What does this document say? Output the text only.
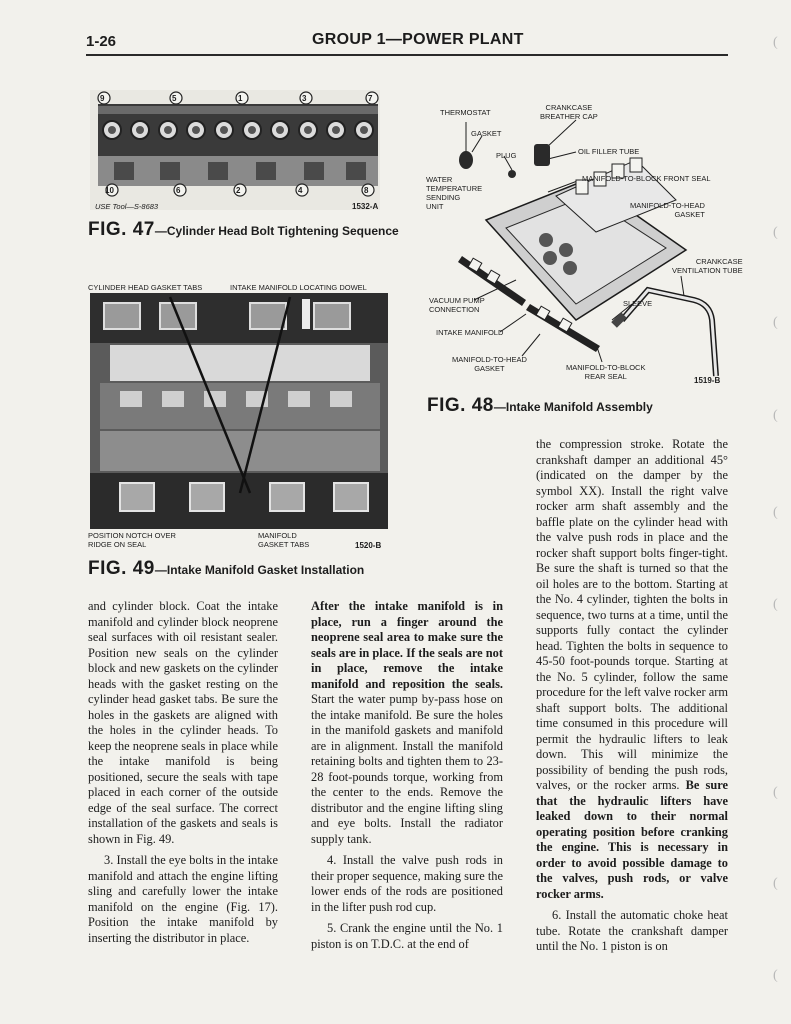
1-26	GROUP 1—POWER PLANT
9	5	1	3	7
10	6	2	4	8
USE Tool—S-8683	1532-A
FIG. 47—Cylinder Head Bolt Tightening Sequence
CYLINDER HEAD GASKET TABS	INTAKE MANIFOLD LOCATING DOWEL
POSITION NOTCH OVER
RIDGE ON SEAL
MANIFOLD
GASKET TABS	1520-B
FIG. 49—Intake Manifold Gasket Installation
THERMOSTAT
CRANKCASE
BREATHER CAP
GASKET
PLUG	OIL FILLER TUBE
WATER
TEMPERATURE
SENDING
UNIT
MANIFOLD-TO-BLOCK FRONT SEAL
MANIFOLD-TO-HEAD
GASKET
CRANKCASE
VENTILATION TUBE
SLEEVE
VACUUM PUMP
CONNECTION
INTAKE MANIFOLD
MANIFOLD-TO-HEAD
GASKET	MANIFOLD-TO-BLOCK
REAR SEAL	1519-B
FIG. 48—Intake Manifold Assembly

and cylinder block. Coat the intake manifold and cylinder block neoprene seal surfaces with oil resistant sealer. Position new seals on the cylinder block and new gaskets on the cylinder heads with the gasket resting on the cylinder head gasket tabs. Be sure the holes in the gaskets are aligned with the holes in the cylinder heads. To keep the neoprene seals in place while the intake manifold is being positioned, secure the seals with tape placed in each corner of the outside edge of the seal surface. The correct installation of the gaskets and seals is shown in Fig. 49.

3. Install the eye bolts in the intake manifold and attach the engine lifting sling and carefully lower the intake manifold on the engine (Fig. 17). Position the intake manifold by inserting the distributor in place.

After the intake manifold is in place, run a finger around the neoprene seal area to make sure the seals are in place. If the seals are not in place, remove the intake manifold and reposition the seals. Start the water pump by-pass hose on the intake manifold. Be sure the holes in the manifold gaskets and manifold are in alignment. Install the manifold retaining bolts and tighten them to 23-28 foot-pounds torque, working from the center to the ends. Remove the distributor and the engine lifting sling and eye bolts. Install the radiator supply tank.

4. Install the valve push rods in their proper sequence, making sure the lower ends of the rods are positioned in the lifter push rod cup.

5. Crank the engine until the No. 1 piston is on T.D.C. at the end of

the compression stroke. Rotate the crankshaft damper an additional 45° (indicated on the damper by the symbol XX). Install the right valve rocker arm shaft assembly and the baffle plate on the cylinder head with the valve push rods in place and the rocker shaft support bolts finger-tight. Be sure the shaft is turned so that the oil holes are to the bottom. Starting at the No. 4 cylinder, tighten the bolts in sequence, two turns at a time, until the supports fully contact the cylinder head. Tighten the bolts in sequence to 45-50 foot-pounds torque. Starting at the No. 5 cylinder, follow the same procedure for the left valve rocker arm shaft support bolts. The additional time consumed in this procedure will permit the hydraulic lifters to leak down. This will minimize the possibility of bending the push rods, valves, or the rocker arms. Be sure that the hydraulic lifters have leaked down to their normal operating position before cranking the engine. This is necessary in order to avoid possible damage to the valves, push rods, or valve rocker arms.

6. Install the automatic choke heat tube. Rotate the crankshaft damper until the No. 1 piston is on

(
(
(
(
(
(
(
(
(
